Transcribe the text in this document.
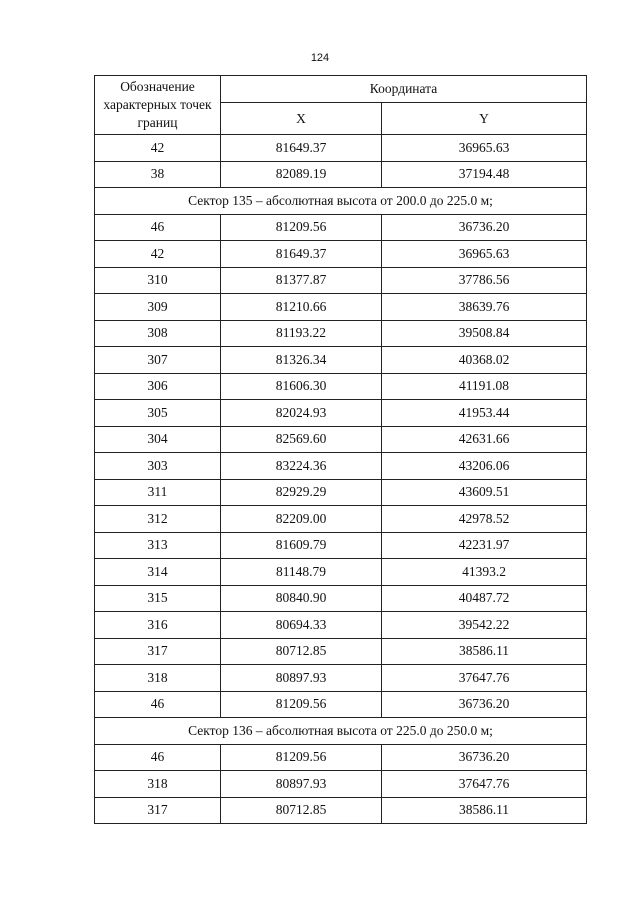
124
Обозначение характерных точек границ	Координата	
	X	Y
42	81649.37	36965.63
38	82089.19	37194.48
Сектор 135 – абсолютная высота от 200.0 до 225.0 м;		
46	81209.56	36736.20
42	81649.37	36965.63
310	81377.87	37786.56
309	81210.66	38639.76
308	81193.22	39508.84
307	81326.34	40368.02
306	81606.30	41191.08
305	82024.93	41953.44
304	82569.60	42631.66
303	83224.36	43206.06
311	82929.29	43609.51
312	82209.00	42978.52
313	81609.79	42231.97
314	81148.79	41393.2
315	80840.90	40487.72
316	80694.33	39542.22
317	80712.85	38586.11
318	80897.93	37647.76
46	81209.56	36736.20
Сектор 136 – абсолютная высота от 225.0 до 250.0 м;		
46	81209.56	36736.20
318	80897.93	37647.76
317	80712.85	38586.11
